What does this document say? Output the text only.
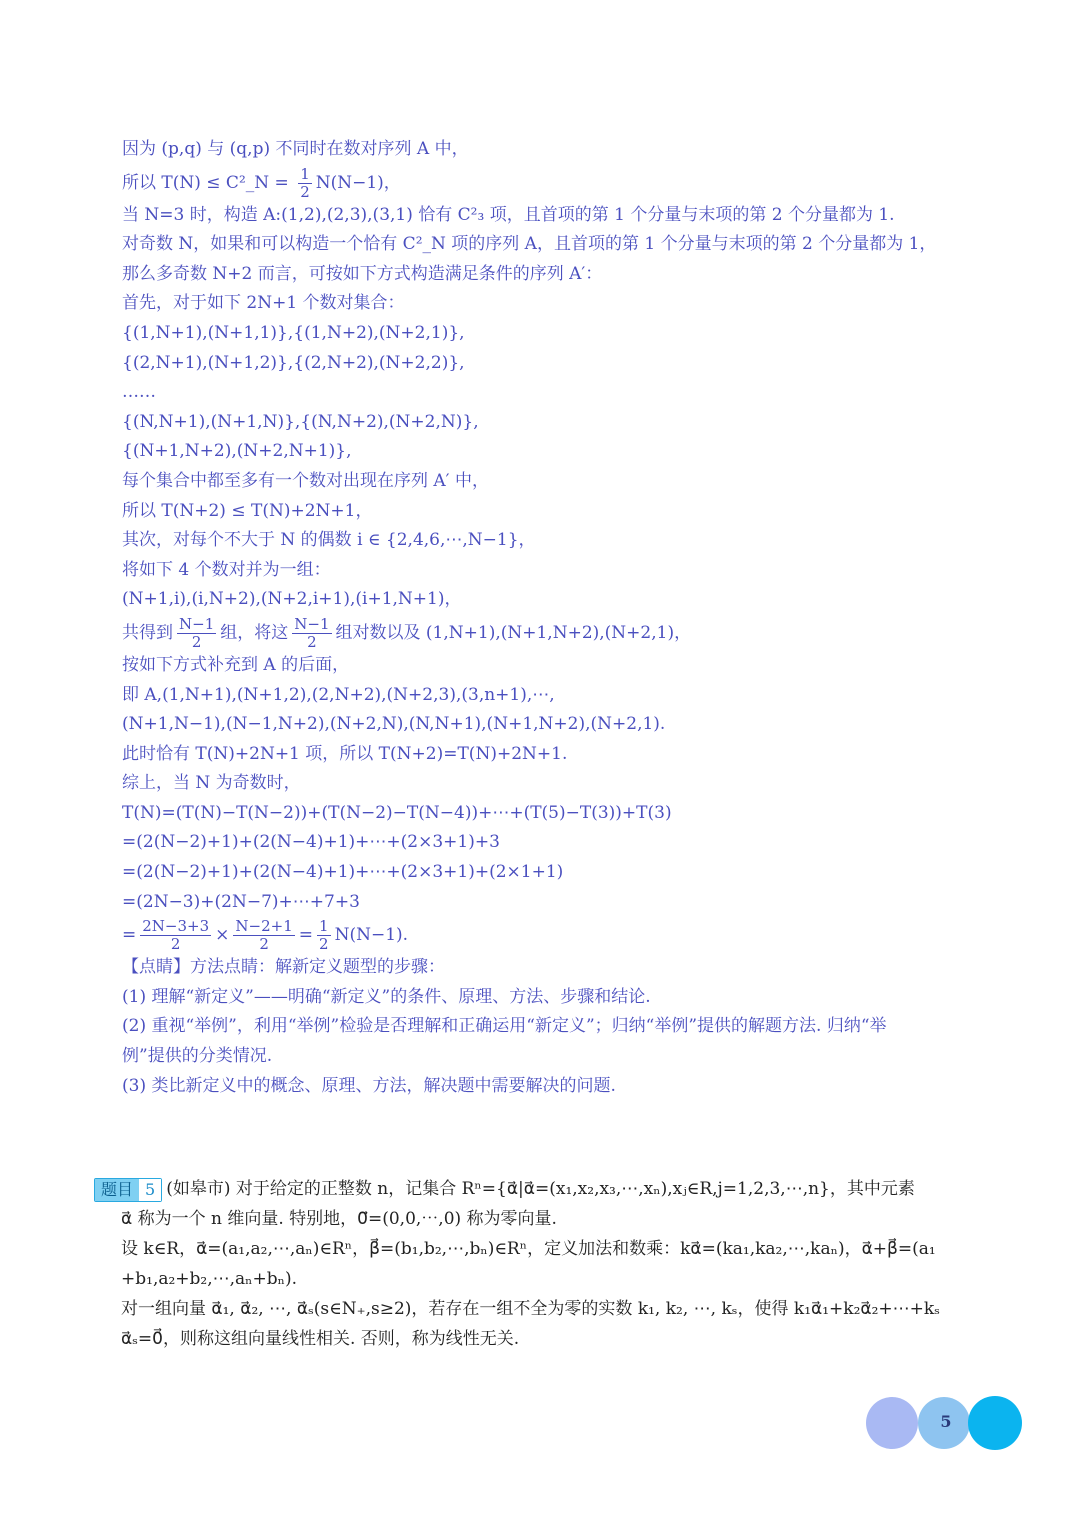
因为 (p,q) 与 (q,p) 不同时在数对序列 A 中，
所以 T(N) ≤ C²_N = $\frac{1}{2} N(N-1)$，
当 N=3 时，构造 A:(1,2),(2,3),(3,1) 恰有 C²₃ 项，且首项的第 1 个分量与末项的第 2 个分量都为 1.
对奇数 N，如果和可以构造一个恰有 C²_N 项的序列 A，且首项的第 1 个分量与末项的第 2 个分量都为 1，
那么多奇数 N+2 而言，可按如下方式构造满足条件的序列 A′：
首先，对于如下 2N+1 个数对集合：
{(1,N+1),(N+1,1)},{(1,N+2),(N+2,1)},
{(2,N+1),(N+1,2)},{(2,N+2),(N+2,2)},
……
{(N,N+1),(N+1,N)},{(N,N+2),(N+2,N)},
{(N+1,N+2),(N+2,N+1)},
每个集合中都至多有一个数对出现在序列 A′ 中，
所以 T(N+2) ≤ T(N)+2N+1，
其次，对每个不大于 N 的偶数 i ∈ {2,4,6,⋯,N−1}，
将如下 4 个数对并为一组：
(N+1,i),(i,N+2),(N+2,i+1),(i+1,N+1)，
共得到 $\frac{N-1}{2}$ 组，将这 $\frac{N-1}{2}$ 组对数以及 (1,N+1),(N+1,N+2),(N+2,1)，
按如下方式补充到 A 的后面，
即 A,(1,N+1),(N+1,2),(2,N+2),(N+2,3),(3,n+1),⋯,
(N+1,N−1),(N−1,N+2),(N+2,N),(N,N+1),(N+1,N+2),(N+2,1).
此时恰有 T(N)+2N+1 项，所以 T(N+2)=T(N)+2N+1.
综上，当 N 为奇数时，
T(N)=(T(N)−T(N−2))+(T(N−2)−T(N−4))+⋯+(T(5)−T(3))+T(3)
=(2(N−2)+1)+(2(N−4)+1)+⋯+(2×3+1)+3
=(2(N−2)+1)+(2(N−4)+1)+⋯+(2×3+1)+(2×1+1)
=(2N−3)+(2N−7)+⋯+7+3
= $\frac{2N-3+3}{2} \times \frac{N-2+1}{2} = \frac{1}{2} N(N-1)$.
【点睛】方法点睛：解新定义题型的步骤：
(1) 理解“新定义”——明确“新定义”的条件、原理、方法、步骤和结论.
(2) 重视“举例”，利用“举例”检验是否理解和正确运用“新定义”；归纳“举例”提供的解题方法. 归纳“举
例”提供的分类情况.
(3) 类比新定义中的概念、原理、方法，解决题中需要解决的问题.
题目 5 (如皋市) 对于给定的正整数 n，记集合 Rⁿ={α⃗|α⃗=(x₁,x₂,x₃,⋯,xₙ),xⱼ∈R,j=1,2,3,⋯,n}，其中元素
α⃗ 称为一个 n 维向量. 特别地，0⃗=(0,0,⋯,0) 称为零向量.
设 k∈R，α⃗=(a₁,a₂,⋯,aₙ)∈Rⁿ，β⃗=(b₁,b₂,⋯,bₙ)∈Rⁿ，定义加法和数乘：kα⃗=(ka₁,ka₂,⋯,kaₙ)，α⃗+β⃗=(a₁
+b₁,a₂+b₂,⋯,aₙ+bₙ).
对一组向量 α⃗₁, α⃗₂, ⋯, α⃗ₛ(s∈N₊,s≥2)，若存在一组不全为零的实数 k₁, k₂, ⋯, kₛ，使得 k₁α⃗₁+k₂α⃗₂+⋯+kₛ
α⃗ₛ=0⃗，则称这组向量线性相关. 否则，称为线性无关.
5
